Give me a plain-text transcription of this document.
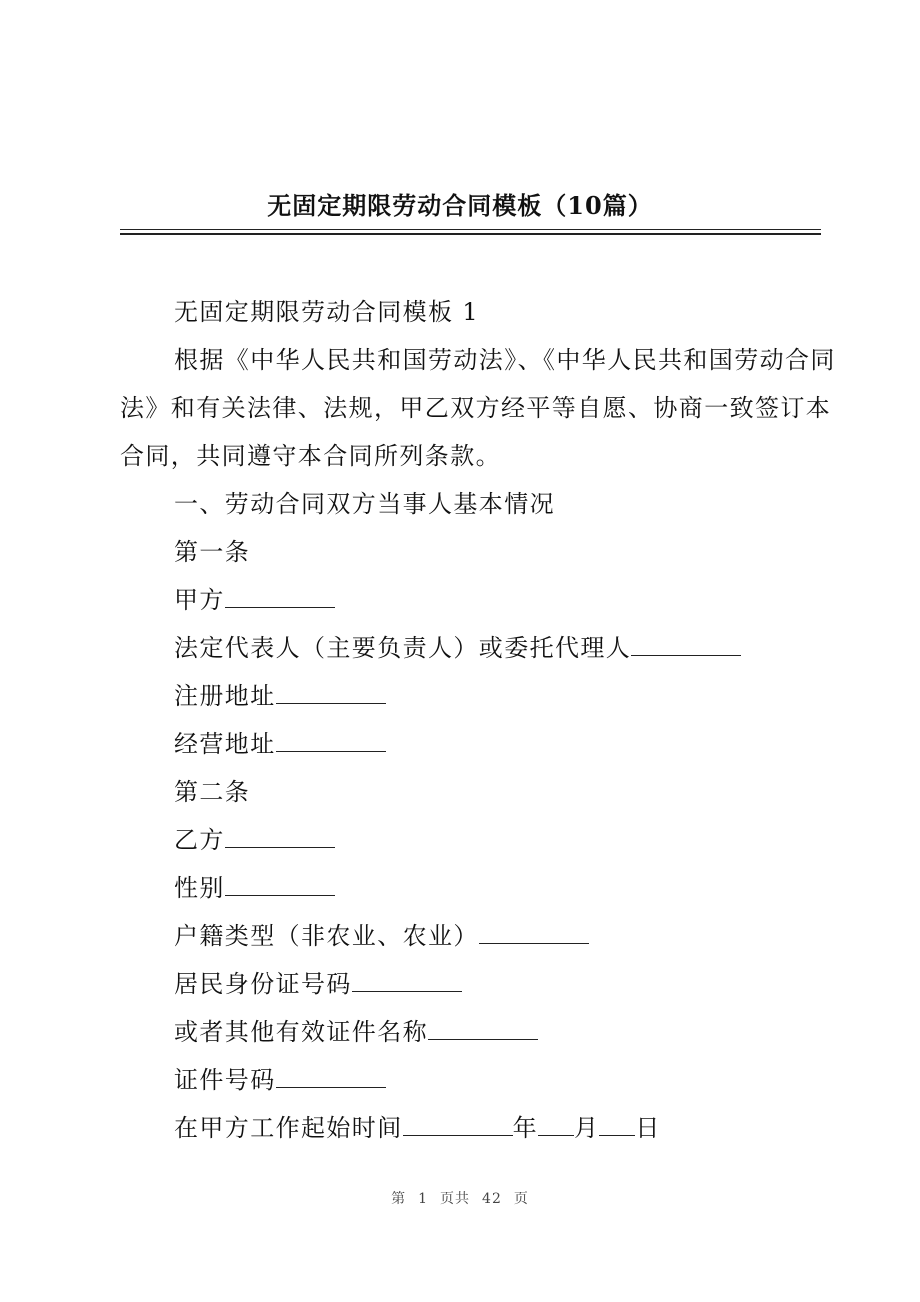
无固定期限劳动合同模板（10篇）
无固定期限劳动合同模板 1
根据《中华人民共和国劳动法》、《中华人民共和国劳动合同
法》和有关法律、法规，甲乙双方经平等自愿、协商一致签订本
合同，共同遵守本合同所列条款。
一、劳动合同双方当事人基本情况
第一条
甲方
法定代表人（主要负责人）或委托代理人
注册地址
经营地址
第二条
乙方
性别
户籍类型（非农业、农业）
居民身份证号码
或者其他有效证件名称
证件号码
在甲方工作起始时间	年 月 日
第 1 页共 42 页
